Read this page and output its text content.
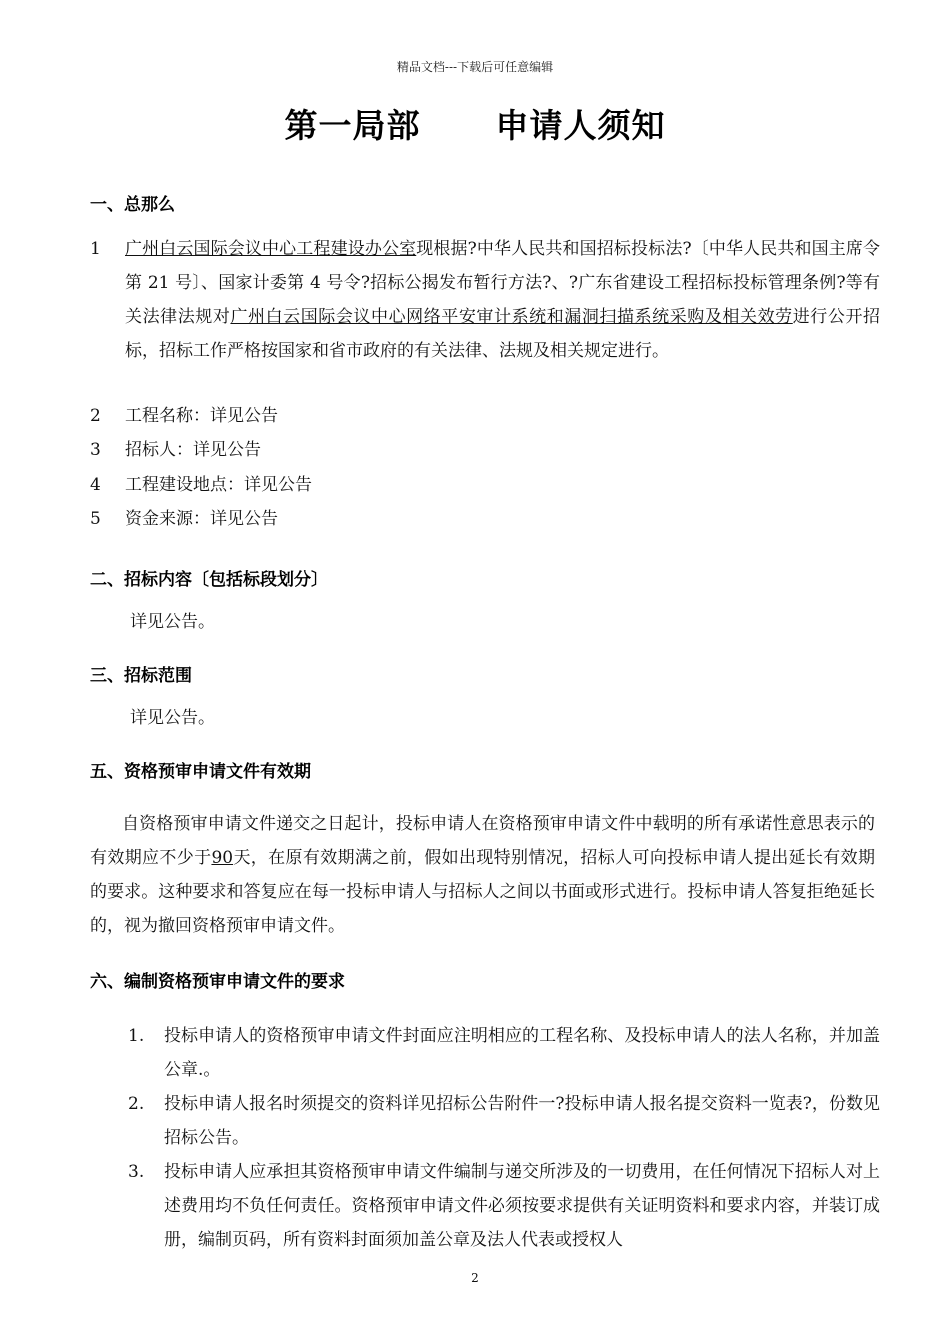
精品文档---下载后可任意编辑
第一局部      申请人须知
一、总那么
1	广州白云国际会议中心工程建设办公室现根据?中华人民共和国招标投标法?〔中华人民共和国主席令第 21 号〕、国家计委第 4 号令?招标公揭发布暂行方法?、?广东省建设工程招标投标管理条例?等有关法律法规对广州白云国际会议中心网络平安审计系统和漏洞扫描系统采购及相关效劳进行公开招标，招标工作严格按国家和省市政府的有关法律、法规及相关规定进行。
2	工程名称：详见公告
3	招标人：详见公告
4	工程建设地点：详见公告
5	资金来源：详见公告
二、招标内容〔包括标段划分〕
详见公告。
三、招标范围
详见公告。
五、资格预审申请文件有效期
自资格预审申请文件递交之日起计，投标申请人在资格预审申请文件中载明的所有承诺性意思表示的有效期应不少于90天，在原有效期满之前，假如出现特别情况，招标人可向投标申请人提出延长有效期的要求。这种要求和答复应在每一投标申请人与招标人之间以书面或形式进行。投标申请人答复拒绝延长的，视为撤回资格预审申请文件。
六、编制资格预审申请文件的要求
1. 投标申请人的资格预审申请文件封面应注明相应的工程名称、及投标申请人的法人名称，并加盖公章.。
2. 投标申请人报名时须提交的资料详见招标公告附件一?投标申请人报名提交资料一览表?，份数见招标公告。
3. 投标申请人应承担其资格预审申请文件编制与递交所涉及的一切费用，在任何情况下招标人对上述费用均不负任何责任。资格预审申请文件必须按要求提供有关证明资料和要求内容，并装订成册，编制页码，所有资料封面须加盖公章及法人代表或授权人
2
